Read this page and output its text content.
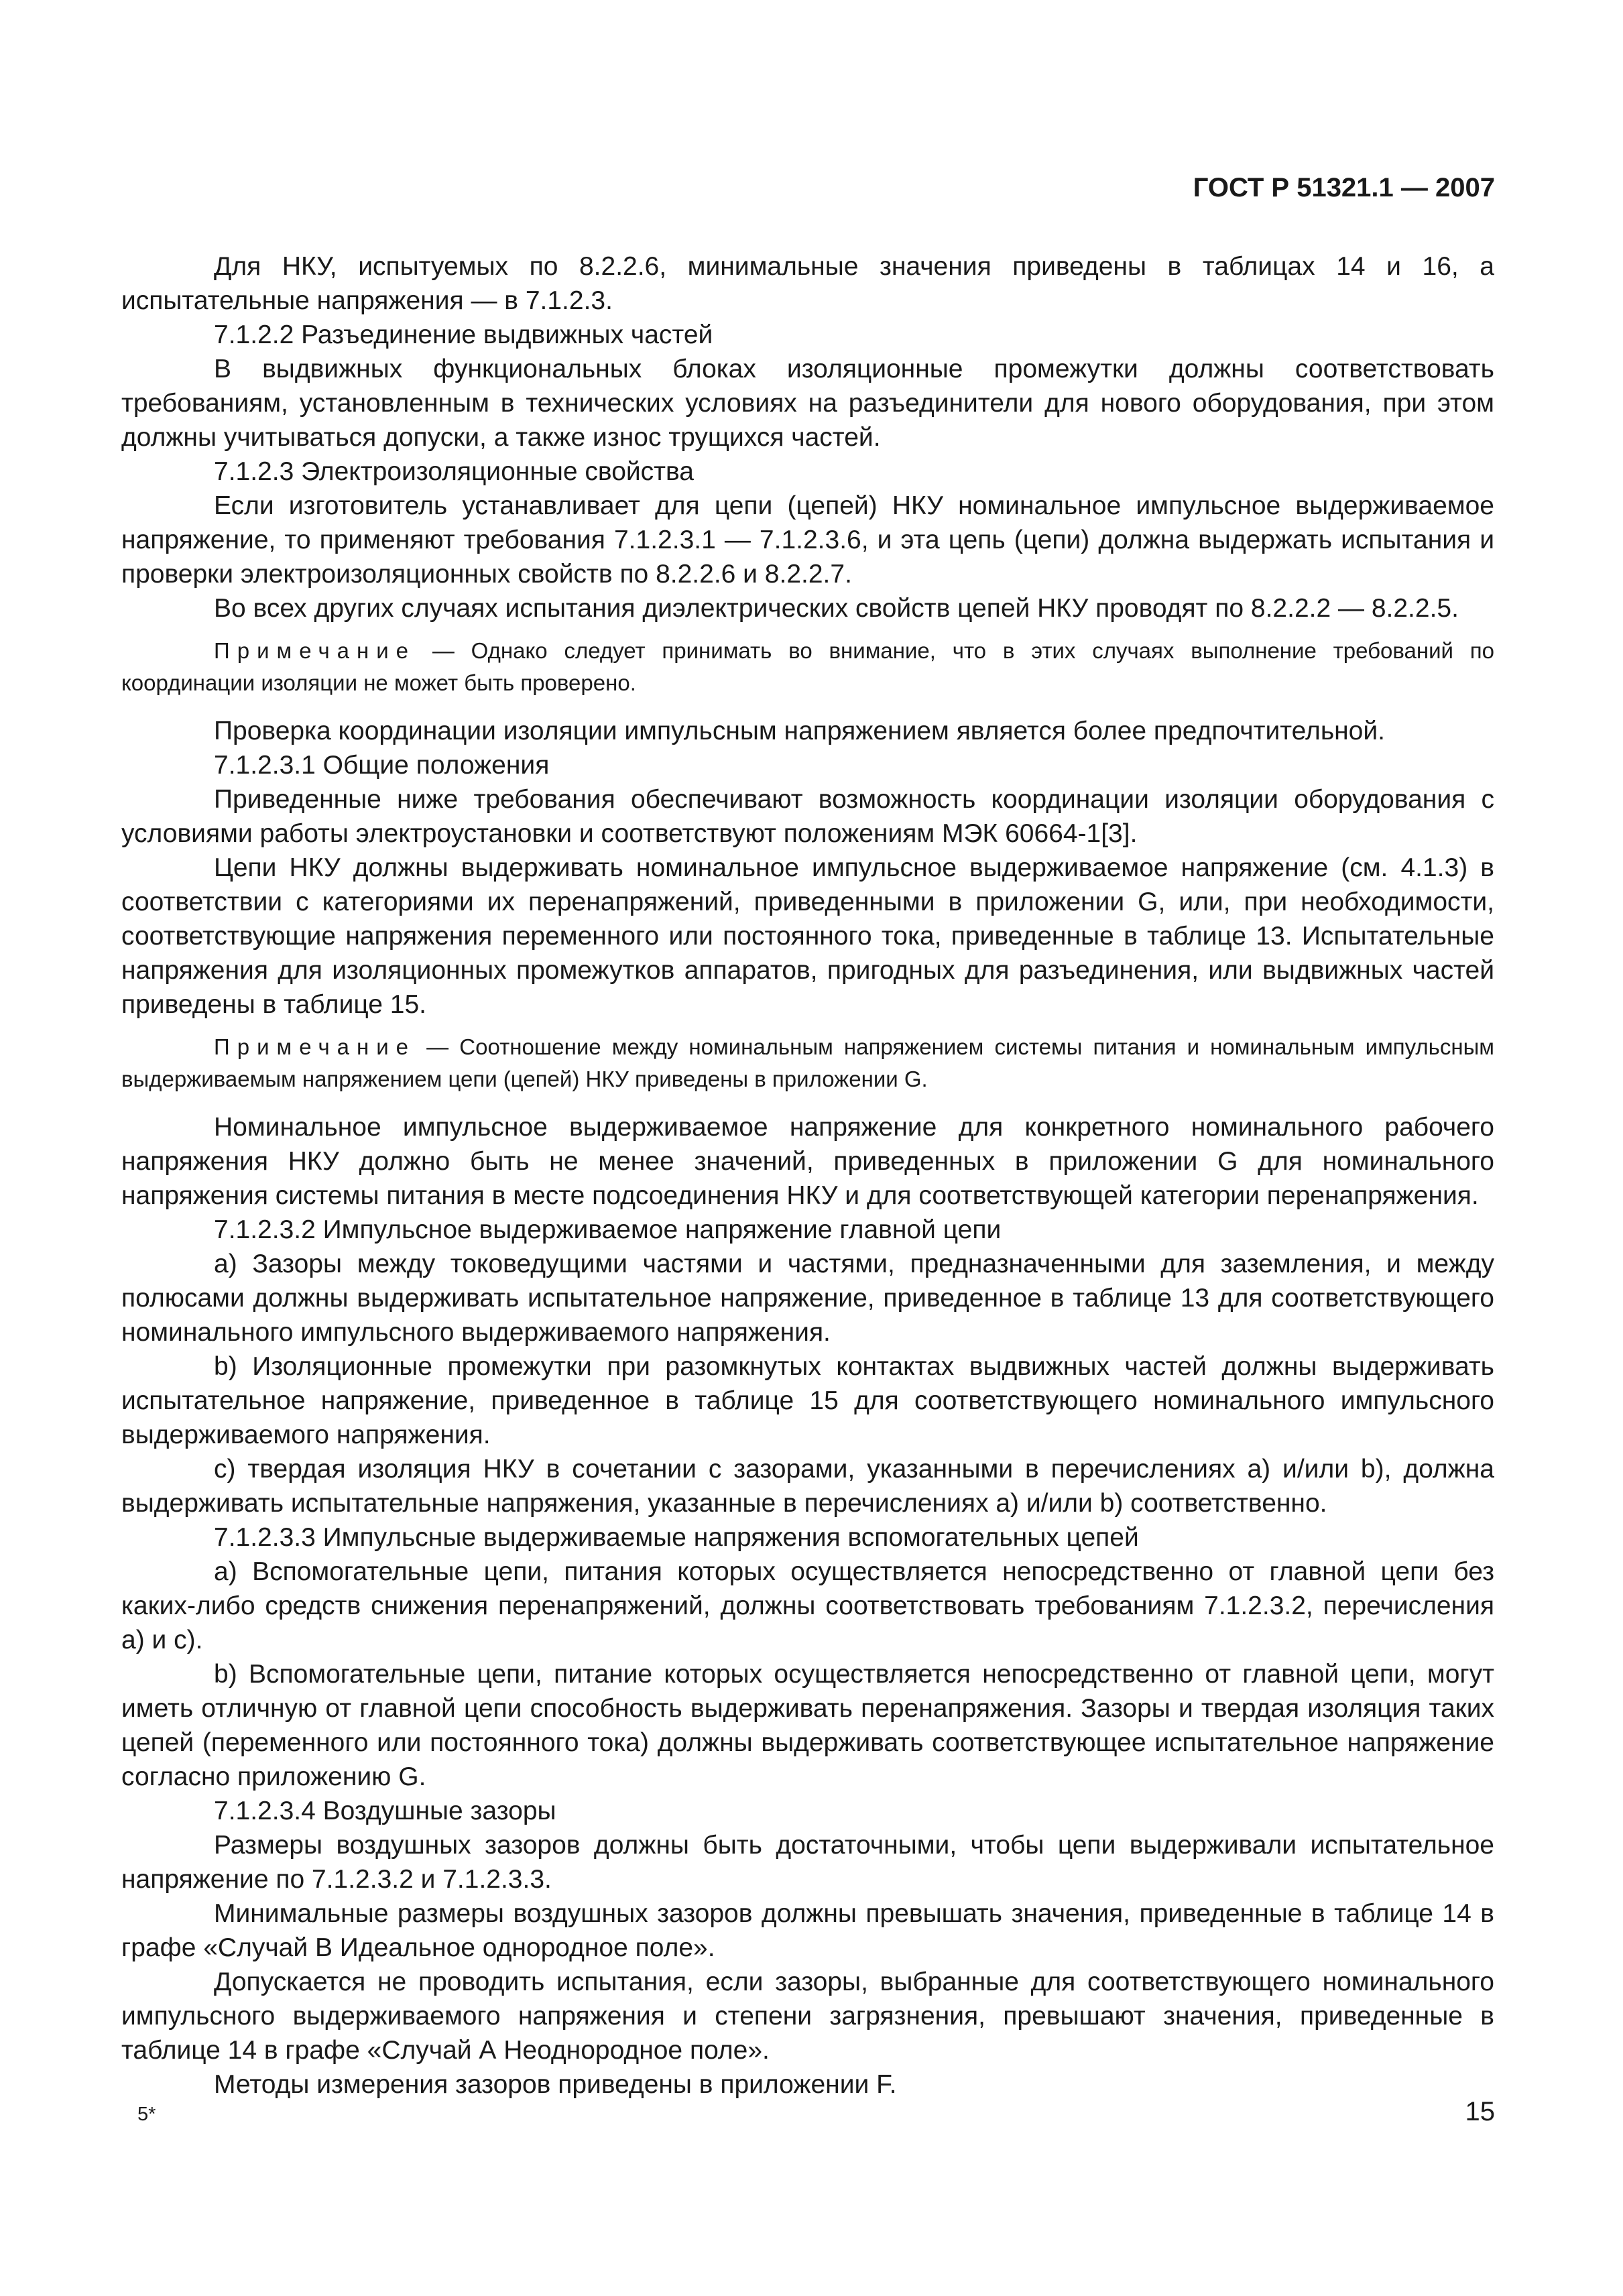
ГОСТ Р 51321.1 — 2007

Для НКУ, испытуемых по 8.2.2.6, минимальные значения приведены в таблицах 14 и 16, а испытательные напряжения — в 7.1.2.3.

7.1.2.2 Разъединение выдвижных частей

В выдвижных функциональных блоках изоляционные промежутки должны соответствовать требованиям, установленным в технических условиях на разъединители для нового оборудования, при этом должны учитываться допуски, а также износ трущихся частей.

7.1.2.3 Электроизоляционные свойства

Если изготовитель устанавливает для цепи (цепей) НКУ номинальное импульсное выдерживаемое напряжение, то применяют требования 7.1.2.3.1 — 7.1.2.3.6, и эта цепь (цепи) должна выдержать испытания и проверки электроизоляционных свойств по 8.2.2.6 и 8.2.2.7.

Во всех других случаях испытания диэлектрических свойств цепей НКУ проводят по 8.2.2.2 — 8.2.2.5.

Примечание — Однако следует принимать во внимание, что в этих случаях выполнение требований по координации изоляции не может быть проверено.

Проверка координации изоляции импульсным напряжением является более предпочтительной.

7.1.2.3.1 Общие положения

Приведенные ниже требования обеспечивают возможность координации изоляции оборудования с условиями работы электроустановки и соответствуют положениям МЭК 60664-1[3].

Цепи НКУ должны выдерживать номинальное импульсное выдерживаемое напряжение (см. 4.1.3) в соответствии с категориями их перенапряжений, приведенными в приложении G, или, при необходимости, соответствующие напряжения переменного или постоянного тока, приведенные в таблице 13. Испытательные напряжения для изоляционных промежутков аппаратов, пригодных для разъединения, или выдвижных частей приведены в таблице 15.

Примечание — Соотношение между номинальным напряжением системы питания и номинальным импульсным выдерживаемым напряжением цепи (цепей) НКУ приведены в приложении G.

Номинальное импульсное выдерживаемое напряжение для конкретного номинального рабочего напряжения НКУ должно быть не менее значений, приведенных в приложении G для номинального напряжения системы питания в месте подсоединения НКУ и для соответствующей категории перенапряжения.

7.1.2.3.2 Импульсное выдерживаемое напряжение главной цепи

a) Зазоры между токоведущими частями и частями, предназначенными для заземления, и между полюсами должны выдерживать испытательное напряжение, приведенное в таблице 13 для соответствующего номинального импульсного выдерживаемого напряжения.

b) Изоляционные промежутки при разомкнутых контактах выдвижных частей должны выдерживать испытательное напряжение, приведенное в таблице 15 для соответствующего номинального импульсного выдерживаемого напряжения.

c) твердая изоляция НКУ в сочетании с зазорами, указанными в перечислениях a) и/или b), должна выдерживать испытательные напряжения, указанные в перечислениях a) и/или b) соответственно.

7.1.2.3.3 Импульсные выдерживаемые напряжения вспомогательных цепей

a) Вспомогательные цепи, питания которых осуществляется непосредственно от главной цепи без каких-либо средств снижения перенапряжений, должны соответствовать требованиям 7.1.2.3.2, перечисления a) и c).

b) Вспомогательные цепи, питание которых осуществляется непосредственно от главной цепи, могут иметь отличную от главной цепи способность выдерживать перенапряжения. Зазоры и твердая изоляция таких цепей (переменного или постоянного тока) должны выдерживать соответствующее испытательное напряжение согласно приложению G.

7.1.2.3.4 Воздушные зазоры

Размеры воздушных зазоров должны быть достаточными, чтобы цепи выдерживали испытательное напряжение по 7.1.2.3.2 и 7.1.2.3.3.

Минимальные размеры воздушных зазоров должны превышать значения, приведенные в таблице 14 в графе «Случай В Идеальное однородное поле».

Допускается не проводить испытания, если зазоры, выбранные для соответствующего номинального импульсного выдерживаемого напряжения и степени загрязнения, превышают значения, приведенные в таблице 14 в графе «Случай А Неоднородное поле».

Методы измерения зазоров приведены в приложении F.

5*	15
